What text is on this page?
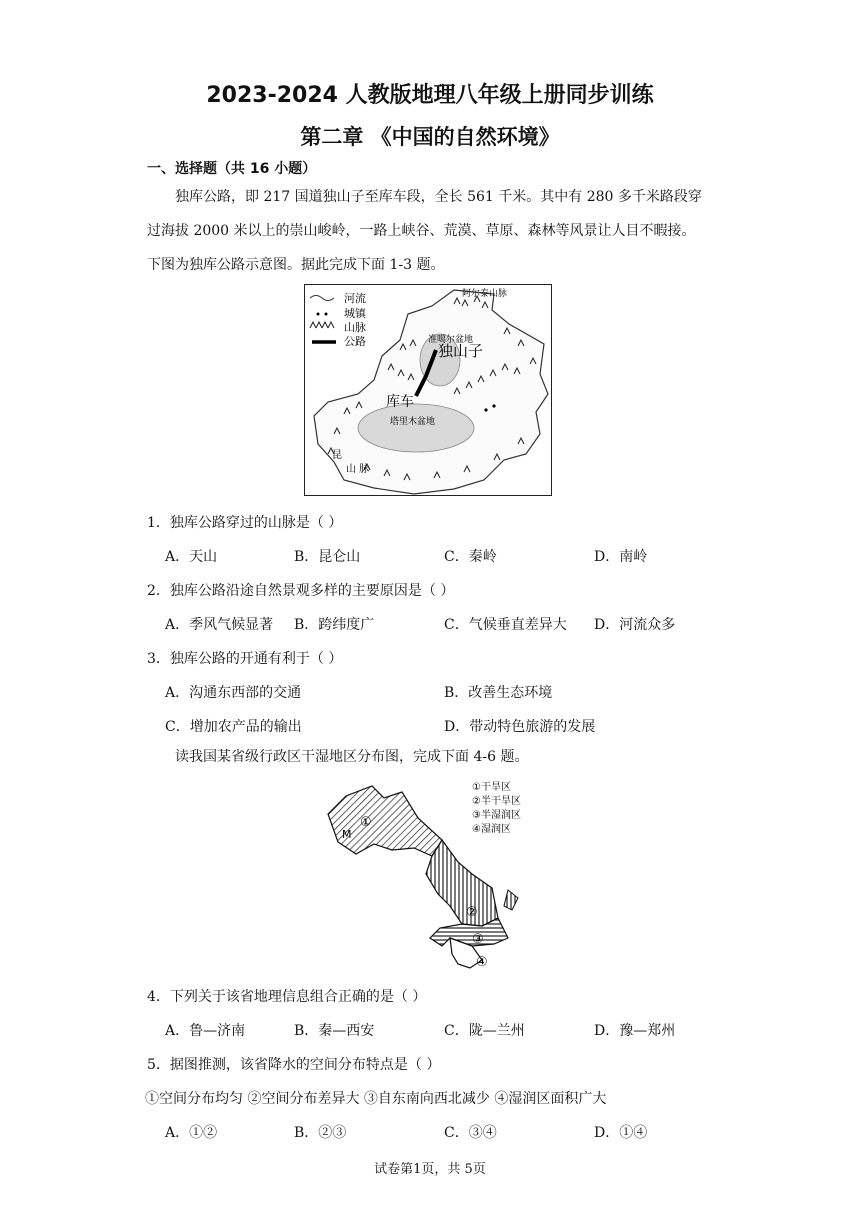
2023-2024 人教版地理八年级上册同步训练
第二章 《中国的自然环境》
一、选择题（共 16 小题）
独库公路，即 217 国道独山子至库车段，全长 561 千米。其中有 280 多千米路段穿
过海拔 2000 米以上的崇山峻岭，一路上峡谷、荒漠、草原、森林等风景让人目不暇接。
下图为独库公路示意图。据此完成下面 1-3 题。
河流
城镇
山脉
公路
阿尔泰山脉
准噶尔盆地
独山子
库车
塔里木盆地
昆
山 脉
1．独库公路穿过的山脉是（ ）
A．天山	B．昆仑山	C．秦岭	D．南岭
2．独库公路沿途自然景观多样的主要原因是（ ）
A．季风气候显著 B．跨纬度广	C．气候垂直差异大 D．河流众多
3．独库公路的开通有利于（ ）
A．沟通东西部的交通	B．改善生态环境
C．增加农产品的输出	D．带动特色旅游的发展
读我国某省级行政区干湿地区分布图，完成下面 4-6 题。
①
M
②
③
④
①干旱区
②半干旱区
③半湿润区
④湿润区
4．下列关于该省地理信息组合正确的是（ ）
A．鲁—济南	B．秦—西安	C．陇—兰州	D．豫—郑州
5．据图推测，该省降水的空间分布特点是（ ）
①空间分布均匀 ②空间分布差异大 ③自东南向西北减少 ④湿润区面积广大
A．①②	B．②③	C．③④	D．①④
试卷第1页，共 5页
